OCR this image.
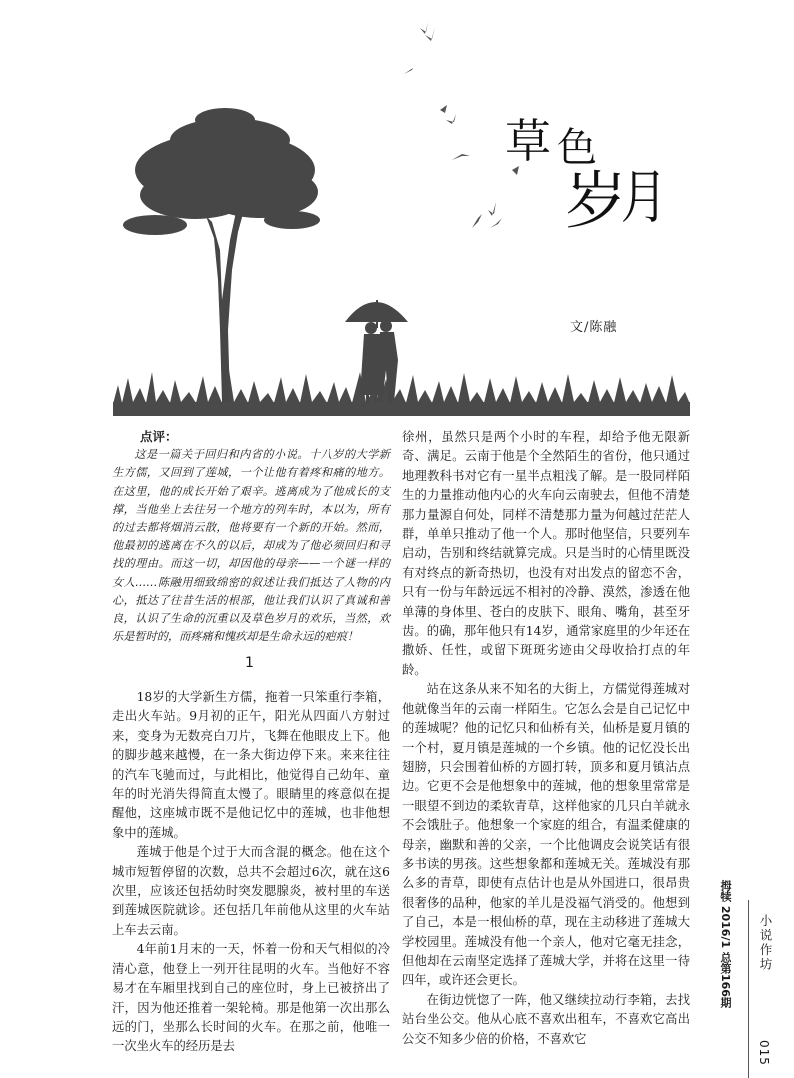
草 色
岁
月
文/陈融
点评：

这是一篇关于回归和内省的小说。十八岁的大学新生方儒，又回到了莲城，一个让他有着疼和痛的地方。在这里，他的成长开始了艰辛。逃离成为了他成长的支撑，当他坐上去往另一个地方的列车时，本以为，所有的过去都将烟消云散，他将要有一个新的开始。然而，他最初的逃离在不久的以后，却成为了他必须回归和寻找的理由。而这一切，却因他的母亲——一个谜一样的女人……陈融用细致绵密的叙述让我们抵达了人物的内心，抵达了往昔生活的根部，他让我们认识了真诚和善良，认识了生命的沉重以及草色岁月的欢乐，当然，欢乐是暂时的，而疼痛和愧疚却是生命永远的疤痕！

1

18岁的大学新生方儒，拖着一只笨重行李箱，走出火车站。9月初的正午，阳光从四面八方射过来，变身为无数亮白刀片，飞舞在他眼皮上下。他的脚步越来越慢，在一条大街边停下来。来来往往的汽车飞驰而过，与此相比，他觉得自己幼年、童年的时光消失得简直太慢了。眼睛里的疼意似在提醒他，这座城市既不是他记忆中的莲城，也非他想象中的莲城。

莲城于他是个过于大而含混的概念。他在这个城市短暂停留的次数，总共不会超过6次，就在这6次里，应该还包括幼时突发腮腺炎，被村里的车送到莲城医院就诊。还包括几年前他从这里的火车站上车去云南。

4年前1月末的一天，怀着一份和天气相似的冷清心意，他登上一列开往昆明的火车。当他好不容易才在车厢里找到自己的座位时，身上已被挤出了汗，因为他还推着一架轮椅。那是他第一次出那么远的门，坐那么长时间的火车。在那之前，他唯一一次坐火车的经历是去

徐州，虽然只是两个小时的车程，却给予他无限新奇、满足。云南于他是个全然陌生的省份，他只通过地理教科书对它有一星半点粗浅了解。是一股同样陌生的力量推动他内心的火车向云南驶去，但他不清楚那力量源自何处，同样不清楚那力量为何越过茫茫人群，单单只推动了他一个人。那时他坚信，只要列车启动，告别和终结就算完成。只是当时的心情里既没有对终点的新奇热切，也没有对出发点的留恋不舍，只有一份与年龄远远不相衬的冷静、漠然，渗透在他单薄的身体里、苍白的皮肤下、眼角、嘴角，甚至牙齿。的确，那年他只有14岁，通常家庭里的少年还在撒娇、任性，或留下斑斑劣迹由父母收拾打点的年龄。

站在这条从来不知名的大街上，方儒觉得莲城对他就像当年的云南一样陌生。它怎么会是自己记忆中的莲城呢？他的记忆只和仙桥有关，仙桥是夏月镇的一个村，夏月镇是莲城的一个乡镇。他的记忆没长出翅膀，只会围着仙桥的方圆打转，顶多和夏月镇沾点边。它更不会是他想象中的莲城，他的想象里常常是一眼望不到边的柔软青草，这样他家的几只白羊就永不会饿肚子。他想象一个家庭的组合，有温柔健康的母亲，幽默和善的父亲，一个比他调皮会说笑话有很多书读的男孩。这些想象都和莲城无关。莲城没有那么多的青草，即使有点估计也是从外国进口，很昂贵很奢侈的品种，他家的羊儿是没福气消受的。他想到了自己，本是一根仙桥的草，现在主动移进了莲城大学校园里。莲城没有他一个亲人，他对它毫无挂念，但他却在云南坚定选择了莲城大学，并将在这里一待四年，或许还会更长。

在街边恍惚了一阵，他又继续拉动行李箱，去找站台坐公交。他从心底不喜欢出租车，不喜欢它高出公交不知多少倍的价格，不喜欢它

拇犊 2016/1 总第166期 小说作坊
015
